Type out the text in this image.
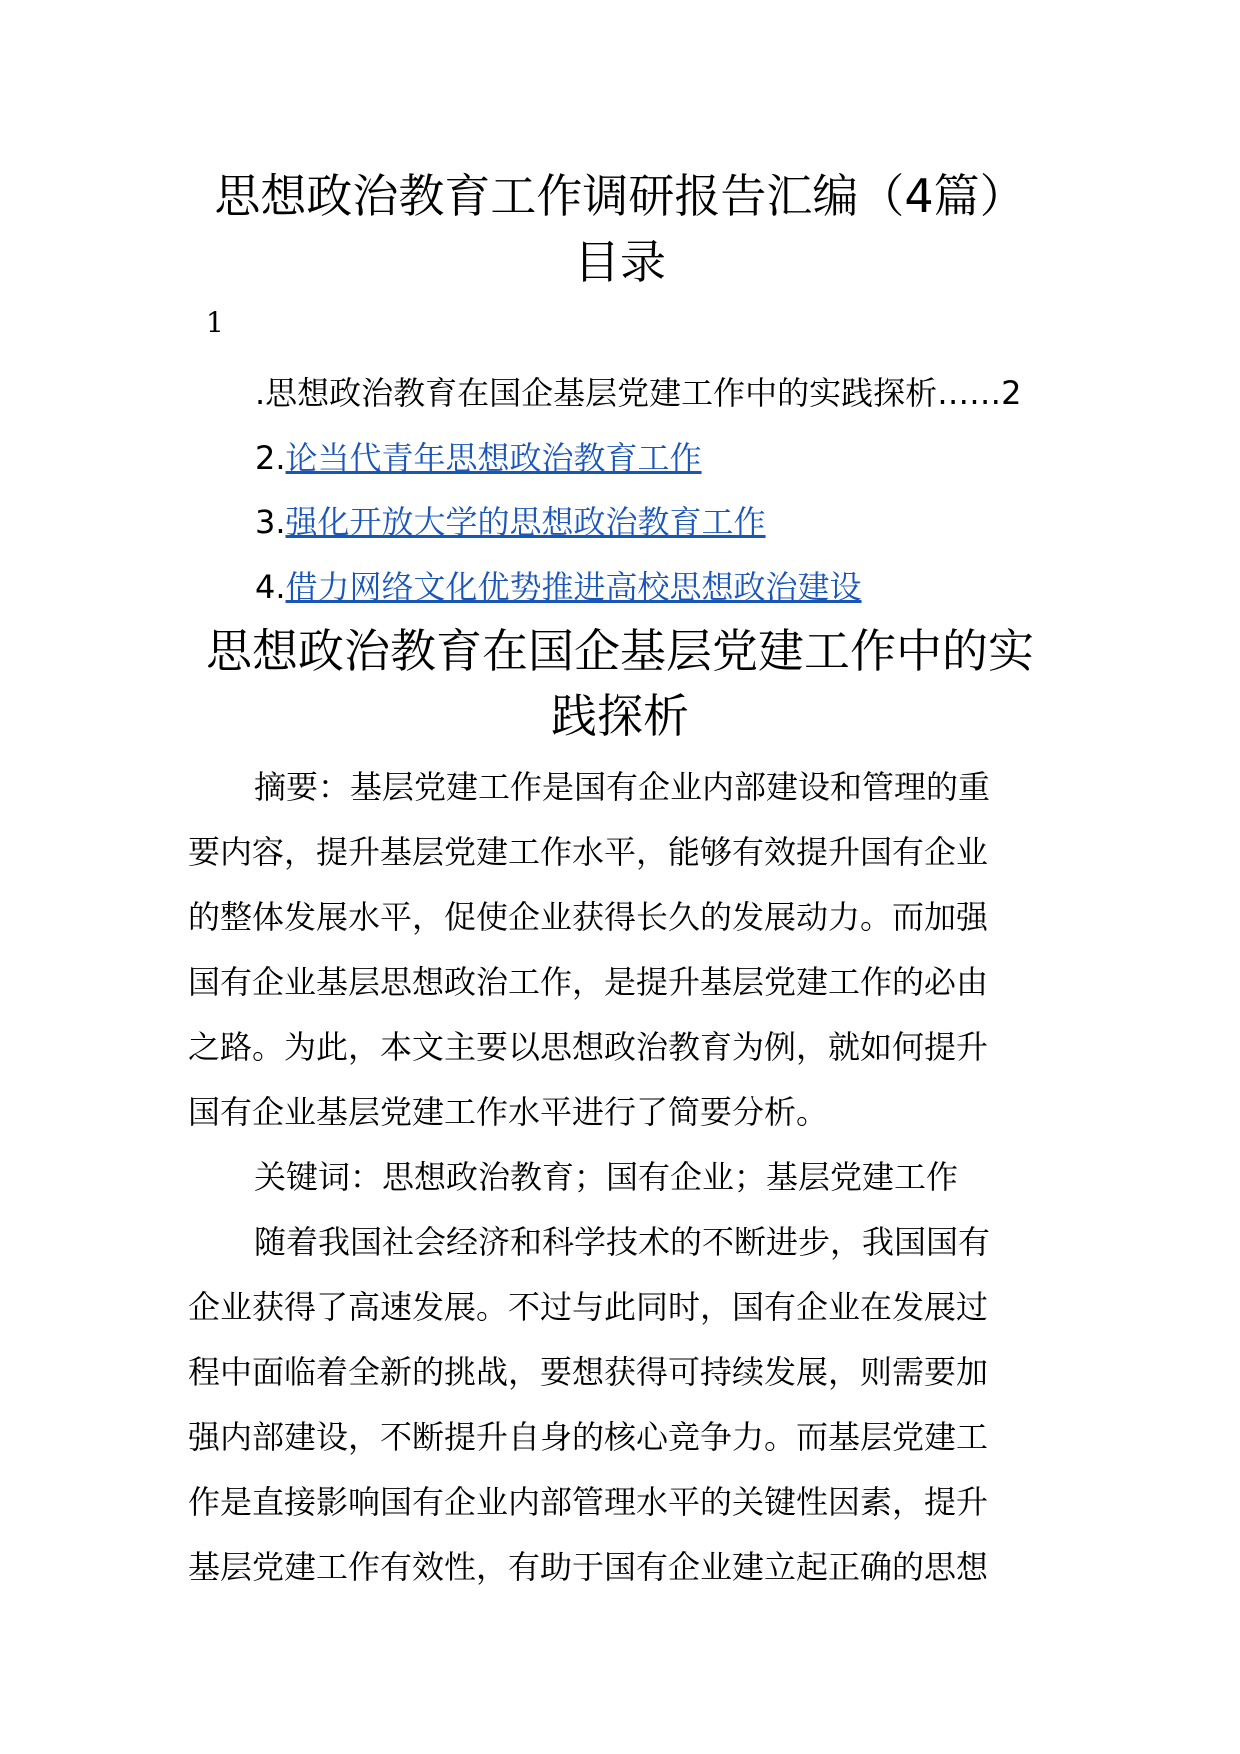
思想政治教育工作调研报告汇编（4篇）
目录
1
.思想政治教育在国企基层党建工作中的实践探析……2
2.论当代青年思想政治教育工作
3.强化开放大学的思想政治教育工作
4.借力网络文化优势推进高校思想政治建设
思想政治教育在国企基层党建工作中的实
践探析

摘要：基层党建工作是国有企业内部建设和管理的重
要内容，提升基层党建工作水平，能够有效提升国有企业
的整体发展水平，促使企业获得长久的发展动力。而加强
国有企业基层思想政治工作，是提升基层党建工作的必由
之路。为此，本文主要以思想政治教育为例，就如何提升
国有企业基层党建工作水平进行了简要分析。

关键词：思想政治教育；国有企业；基层党建工作

随着我国社会经济和科学技术的不断进步，我国国有
企业获得了高速发展。不过与此同时，国有企业在发展过
程中面临着全新的挑战，要想获得可持续发展，则需要加
强内部建设，不断提升自身的核心竞争力。而基层党建工
作是直接影响国有企业内部管理水平的关键性因素，提升
基层党建工作有效性，有助于国有企业建立起正确的思想
